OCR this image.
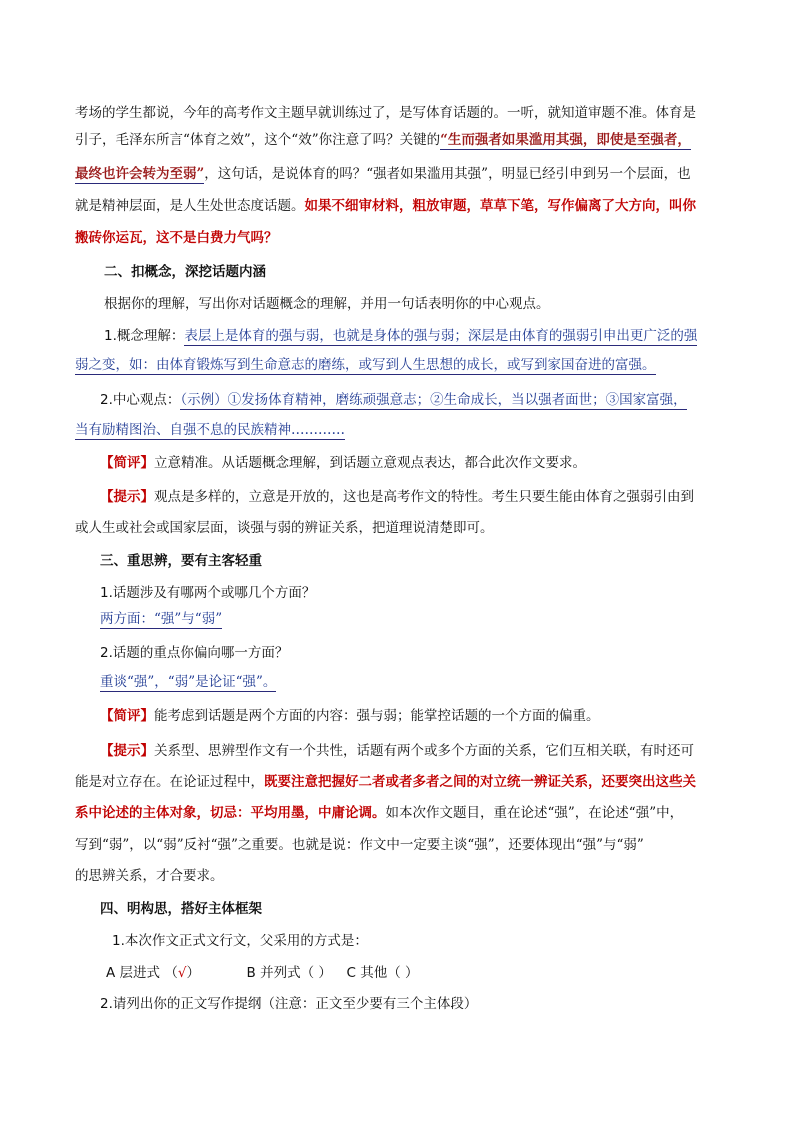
考场的学生都说，今年的高考作文主题早就训练过了，是写体育话题的。一听，就知道审题不准。体育是
引子，毛泽东所言“体育之效”，这个“效”你注意了吗？关键的“生而强者如果滥用其强，即使是至强者，
最终也许会转为至弱”，这句话，是说体育的吗？“强者如果滥用其强”，明显已经引申到另一个层面，也
就是精神层面，是人生处世态度话题。如果不细审材料，粗放审题，草草下笔，写作偏离了大方向，叫你
搬砖你运瓦，这不是白费力气吗？
二、扣概念，深挖话题内涵
根据你的理解，写出你对话题概念的理解，并用一句话表明你的中心观点。
1.概念理解：表层上是体育的强与弱，也就是身体的强与弱；深层是由体育的强弱引申出更广泛的强
弱之变，如：由体育锻炼写到生命意志的磨练，或写到人生思想的成长，或写到家国奋进的富强。
2.中心观点：（示例）①发扬体育精神，磨练顽强意志；②生命成长，当以强者面世；③国家富强，
当有励精图治、自强不息的民族精神…………
【简评】立意精准。从话题概念理解，到话题立意观点表达，都合此次作文要求。
【提示】观点是多样的，立意是开放的，这也是高考作文的特性。考生只要生能由体育之强弱引由到
或人生或社会或国家层面，谈强与弱的辨证关系，把道理说清楚即可。
三、重思辨，要有主客轻重
1.话题涉及有哪两个或哪几个方面？
两方面：“强”与“弱”
2.话题的重点你偏向哪一方面？
重谈“强”，“弱”是论证“强”。
【简评】能考虑到话题是两个方面的内容：强与弱；能掌控话题的一个方面的偏重。
【提示】关系型、思辨型作文有一个共性，话题有两个或多个方面的关系，它们互相关联，有时还可
能是对立存在。在论证过程中，既要注意把握好二者或者多者之间的对立统一辨证关系，还要突出这些关
系中论述的主体对象，切忌：平均用墨，中庸论调。如本次作文题目，重在论述“强”，在论述“强”中，
写到“弱”，以“弱”反衬“强”之重要。也就是说：作文中一定要主谈“强”，还要体现出“强”与“弱”
的思辨关系，才合要求。
四、明构思，搭好主体框架
1.本次作文正式文行文，父采用的方式是：
A 层进式 （√）	B 并列式（ ） C 其他（ ）
2.请列出你的正文写作提纲（注意：正文至少要有三个主体段）
